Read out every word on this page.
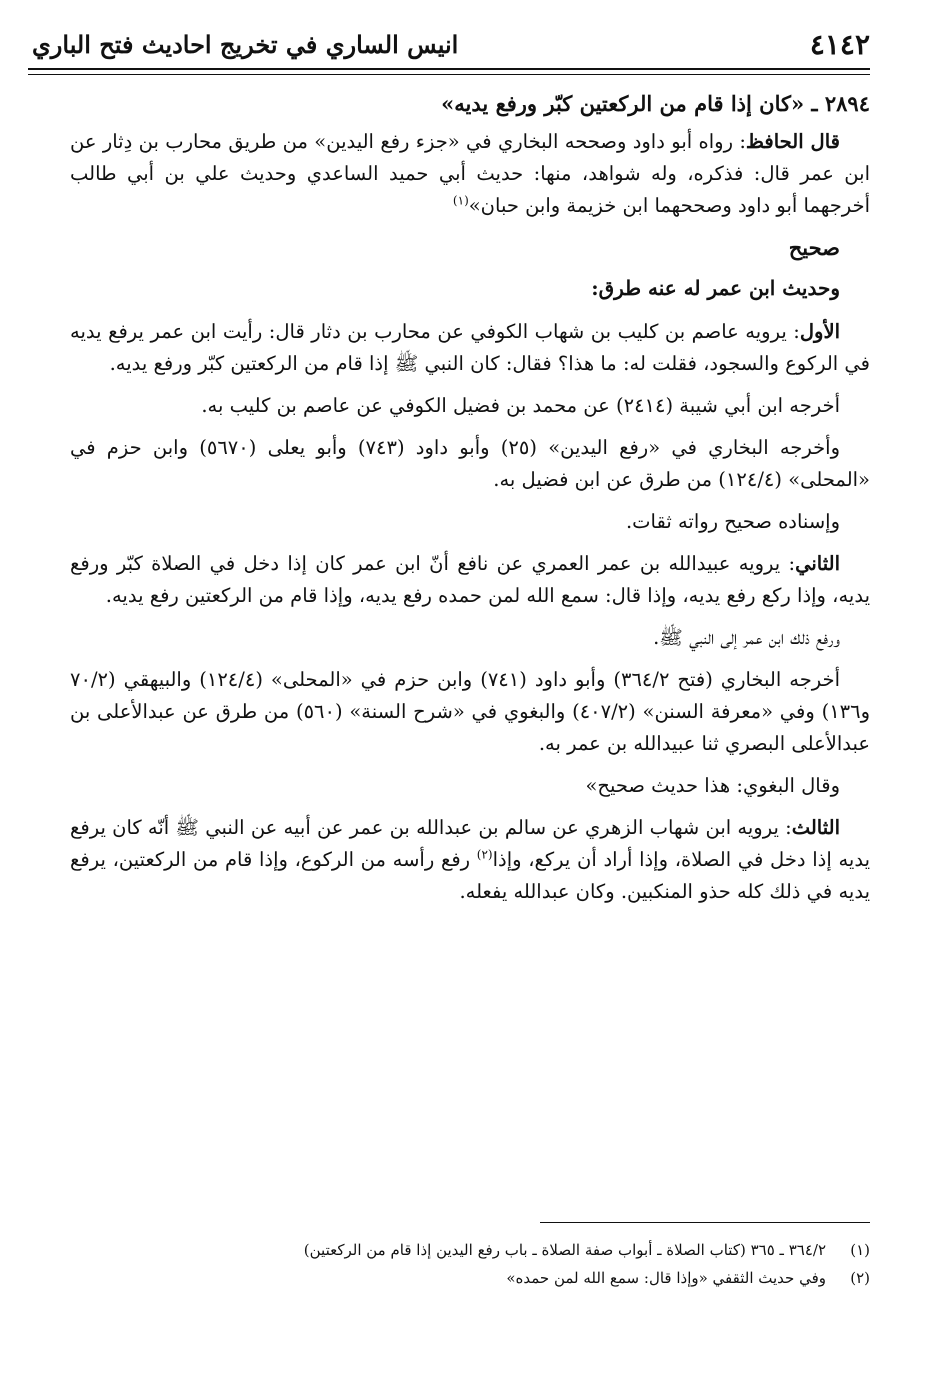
٤١٤٢
انيس الساري في تخريج احاديث فتح الباري

٢٨٩٤ ـ «كان إذا قام من الركعتين كبّر ورفع يديه»

قال الحافظ: رواه أبو داود وصححه البخاري في «جزء رفع اليدين» من طريق محارب بن دِثار عن ابن عمر قال: فذكره، وله شواهد، منها: حديث أبي حميد الساعدي وحديث علي بن أبي طالب أخرجهما أبو داود وصححهما ابن خزيمة وابن حبان»$^{(١)}$

صحيح

وحديث ابن عمر له عنه طرق:

الأول: يرويه عاصم بن كليب بن شهاب الكوفي عن محارب بن دثار قال: رأيت ابن عمر يرفع يديه في الركوع والسجود، فقلت له: ما هذا؟ فقال: كان النبي ﷺ إذا قام من الركعتين كبّر ورفع يديه.

أخرجه ابن أبي شيبة (٢٤١٤) عن محمد بن فضيل الكوفي عن عاصم بن كليب به.

وأخرجه البخاري في «رفع اليدين» (٢٥) وأبو داود (٧٤٣) وأبو يعلى (٥٦٧٠) وابن حزم في «المحلى» (١٢٤/٤) من طرق عن ابن فضيل به.

وإسناده صحيح رواته ثقات.

الثاني: يرويه عبيدالله بن عمر العمري عن نافع أنّ ابن عمر كان إذا دخل في الصلاة كبّر ورفع يديه، وإذا ركع رفع يديه، وإذا قال: سمع الله لمن حمده رفع يديه، وإذا قام من الركعتين رفع يديه.

ورفع ذلك ابن عمر إلى النبي ﷺ.

أخرجه البخاري (فتح ٣٦٤/٢) وأبو داود (٧٤١) وابن حزم في «المحلى» (١٢٤/٤) والبيهقي (٧٠/٢ و١٣٦) وفي «معرفة السنن» (٤٠٧/٢) والبغوي في «شرح السنة» (٥٦٠) من طرق عن عبدالأعلى بن عبدالأعلى البصري ثنا عبيدالله بن عمر به.

وقال البغوي: هذا حديث صحيح»

الثالث: يرويه ابن شهاب الزهري عن سالم بن عبدالله بن عمر عن أبيه عن النبي ﷺ أنّه كان يرفع يديه إذا دخل في الصلاة، وإذا أراد أن يركع، وإذا$^{(٢)}$ رفع رأسه من الركوع، وإذا قام من الركعتين، يرفع يديه في ذلك كله حذو المنكبين. وكان عبدالله يفعله.

(١)٣٦٤/٢ ـ ٣٦٥ (كتاب الصلاة ـ أبواب صفة الصلاة ـ باب رفع اليدين إذا قام من الركعتين)

(٢)وفي حديث الثقفي «وإذا قال: سمع الله لمن حمده»
